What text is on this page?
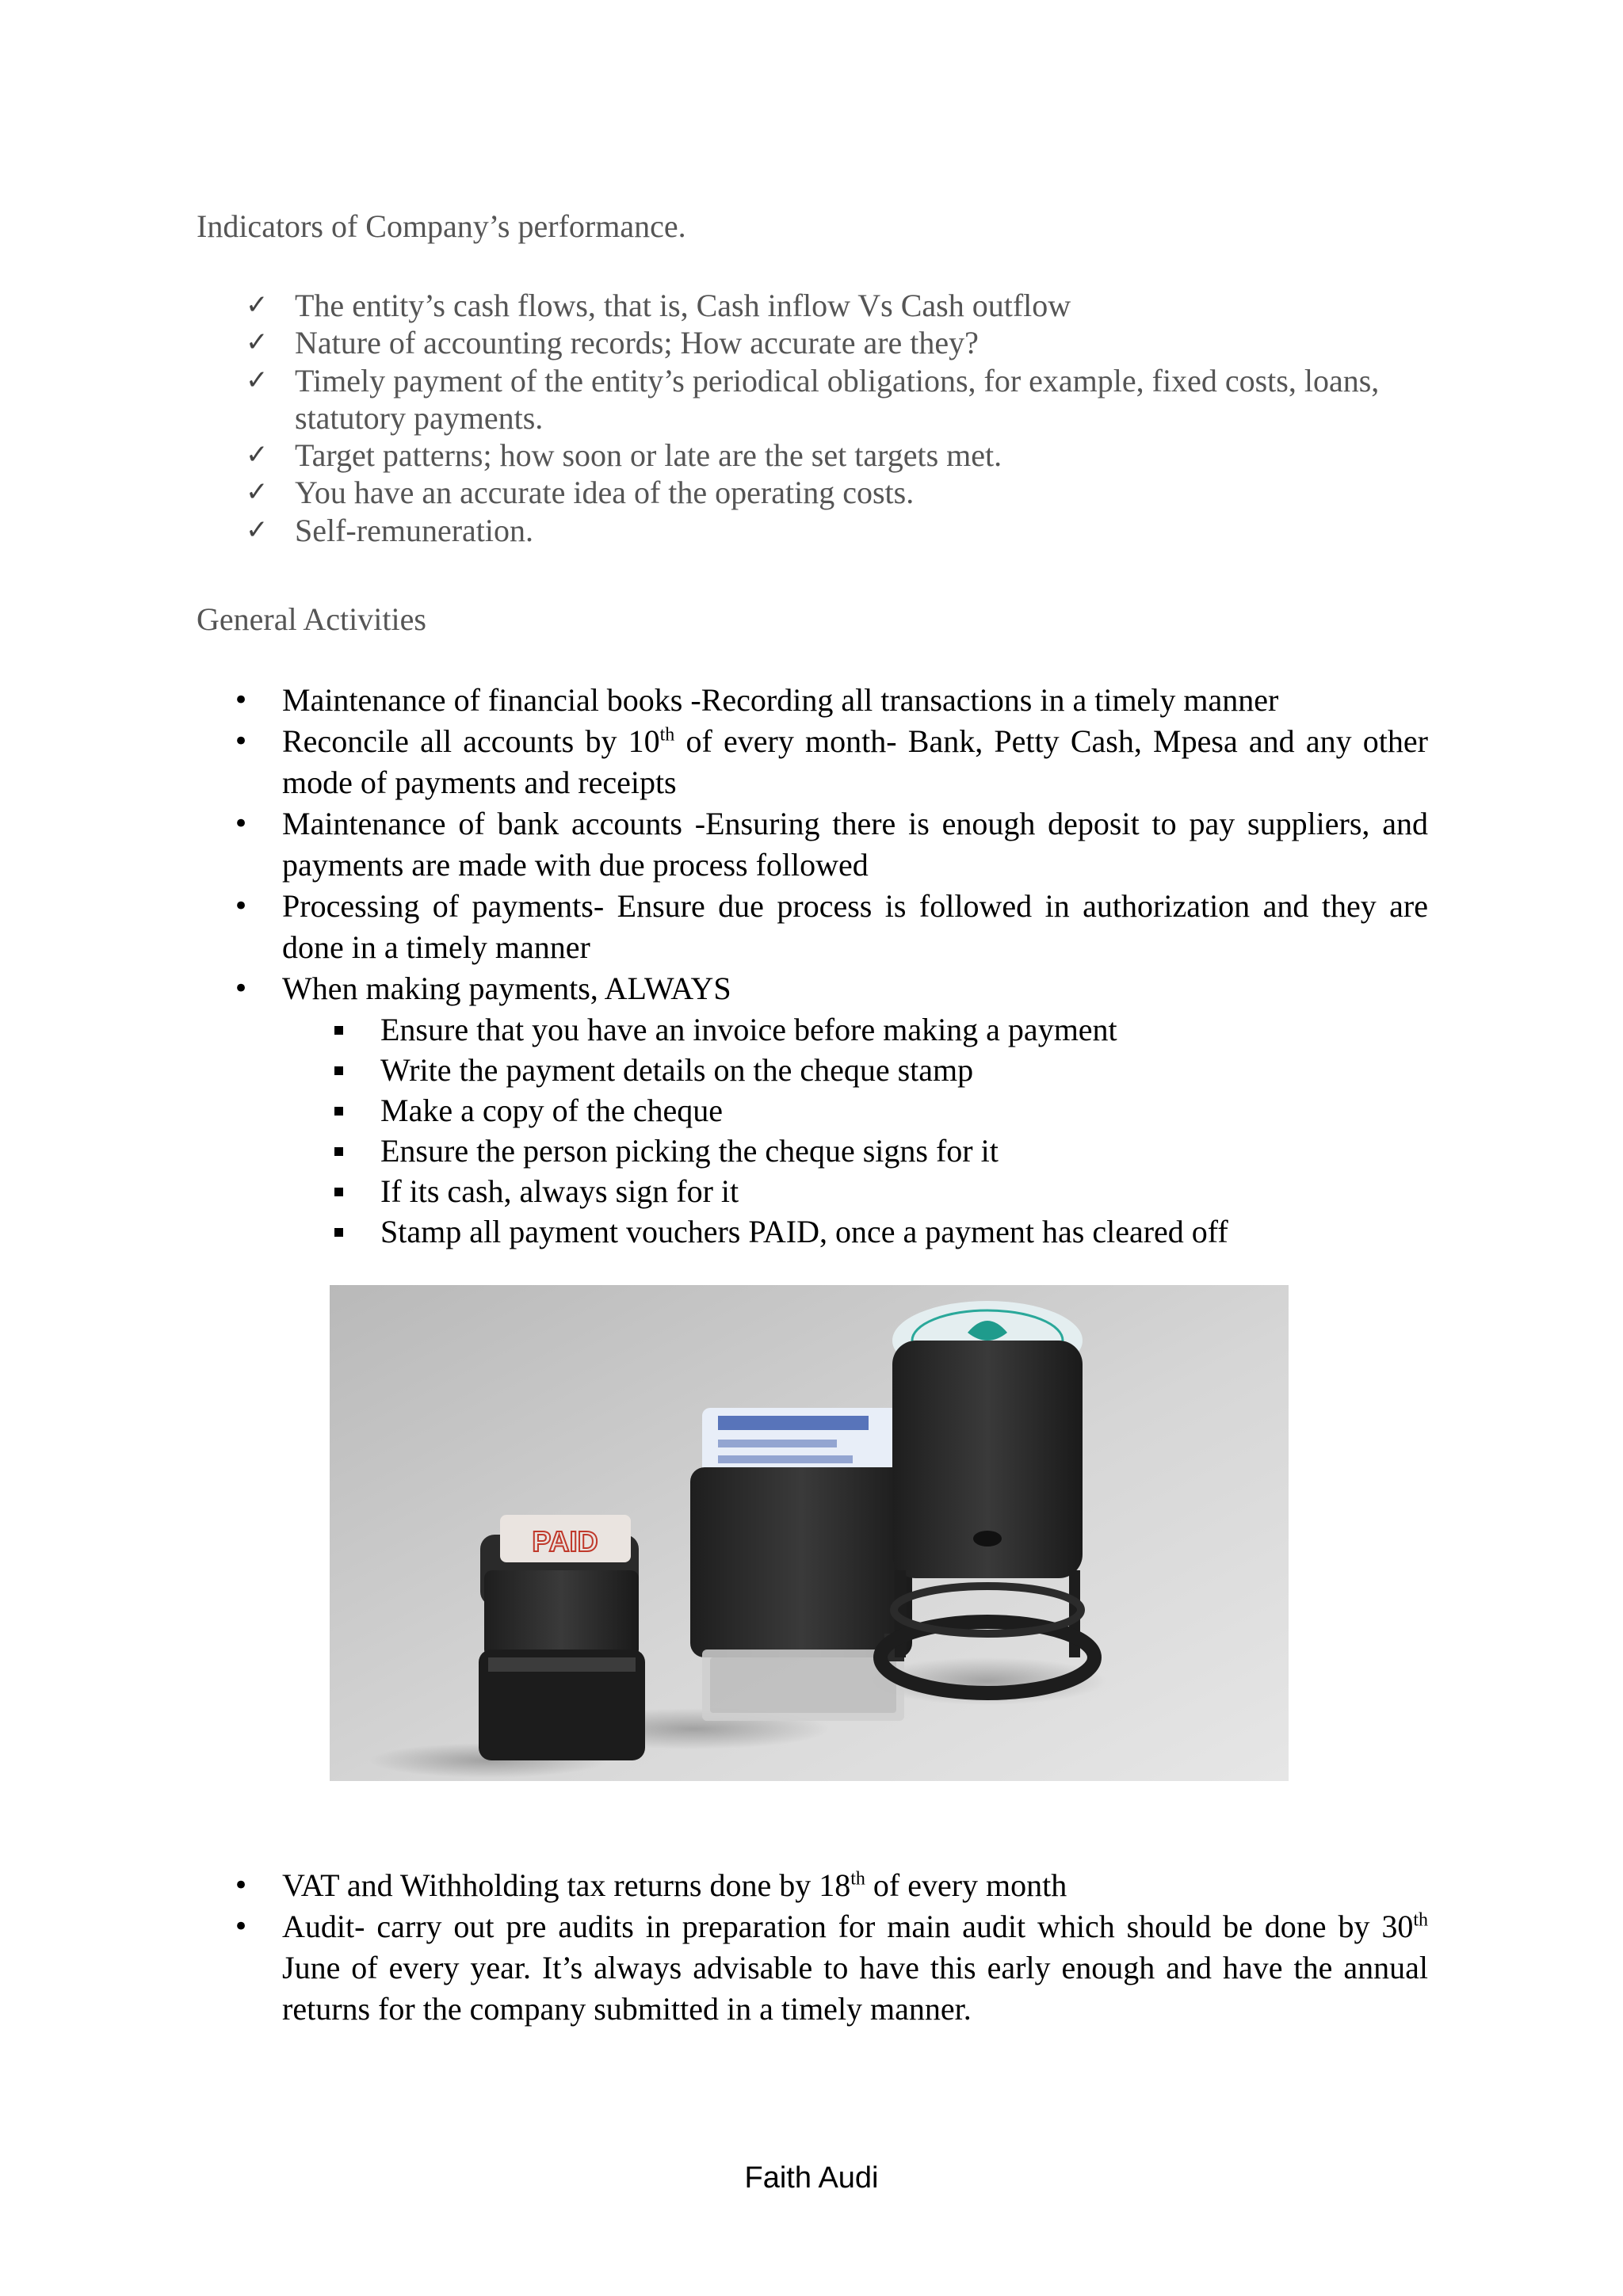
Indicators of Company’s performance.
✓ The entity’s cash flows, that is, Cash inflow Vs Cash outflow
✓ Nature of accounting records; How accurate are they?
✓ Timely payment of the entity’s periodical obligations, for example, fixed costs, loans, statutory payments.
✓ Target patterns; how soon or late are the set targets met.
✓ You have an accurate idea of the operating costs.
✓ Self-remuneration.
General Activities
• Maintenance of financial books -Recording all transactions in a timely manner
• Reconcile all accounts by 10th of every month- Bank, Petty Cash, Mpesa and any other mode of payments and receipts
• Maintenance of bank accounts -Ensuring there is enough deposit to pay suppliers, and payments are made with due process followed
• Processing of payments- Ensure due process is followed in authorization and they are done in a timely manner
• When making payments, ALWAYS
Ensure that you have an invoice before making a payment
Write the payment details on the cheque stamp
Make a copy of the cheque
Ensure the person picking the cheque signs for it
If its cash, always sign for it
Stamp all payment vouchers PAID, once a payment has cleared off
PAID
• VAT and Withholding tax returns done by 18th of every month
• Audit- carry out pre audits in preparation for main audit which should be done by 30th June of every year. It’s always advisable to have this early enough and have the annual returns for the company submitted in a timely manner.
Faith Audi
